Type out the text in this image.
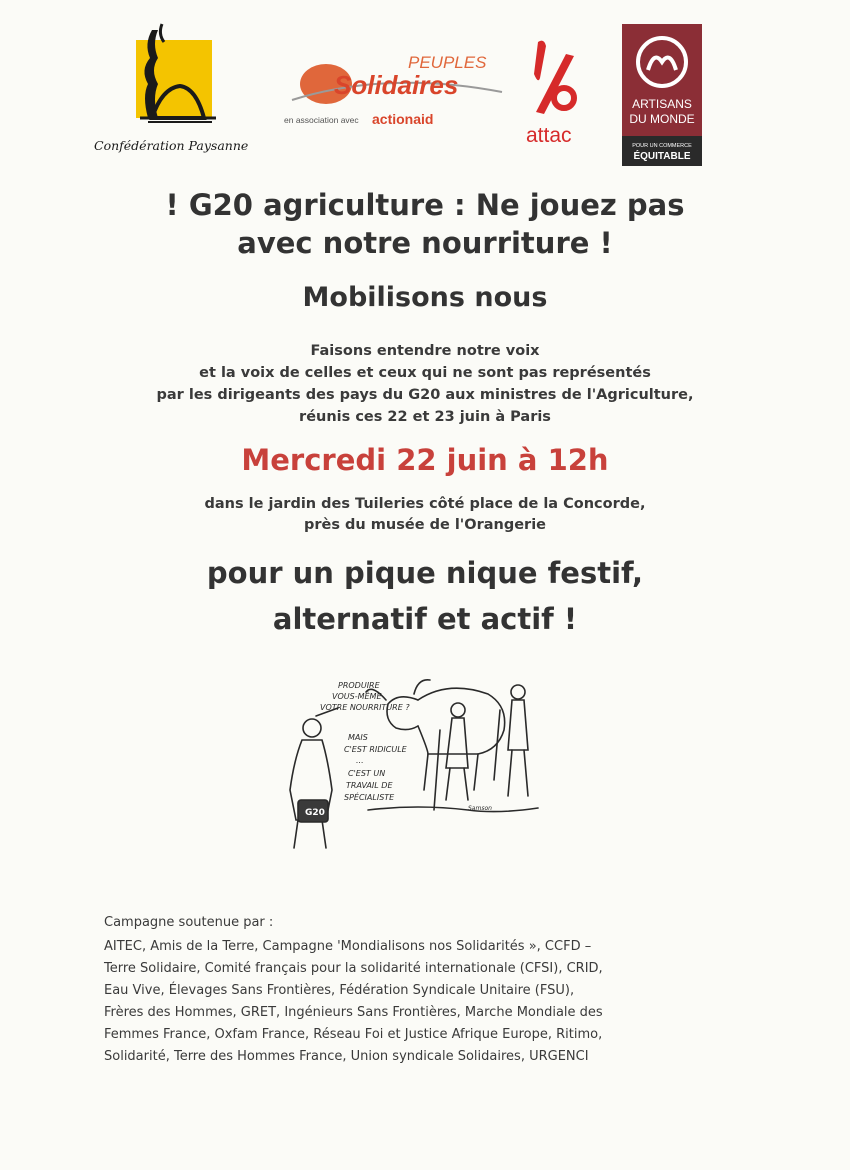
Confédération Paysanne
PEUPLES
Solidaires
en association avec actionaid
attac
ARTISANS
DU MONDE
POUR UN COMMERCE
ÉQUITABLE
! G20 agriculture : Ne jouez pas
avec notre nourriture !
Mobilisons nous
Faisons entendre notre voix
et la voix de celles et ceux qui ne sont pas représentés
par les dirigeants des pays du G20 aux ministres de l'Agriculture,
réunis ces 22 et 23 juin à Paris
Mercredi 22 juin à 12h
dans le jardin des Tuileries côté place de la Concorde,
près du musée de l'Orangerie
pour un pique nique festif,
alternatif et actif !
PRODUIRE
VOUS-MÊME
VOTRE NOURRITURE ?
MAIS
C'EST RIDICULE
...
C'EST UN
TRAVAIL DE
SPÉCIALISTE
Samson
G20
Campagne soutenue par :
AITEC, Amis de la Terre, Campagne 'Mondialisons nos Solidarités », CCFD –
Terre Solidaire, Comité français pour la solidarité internationale (CFSI), CRID,
Eau Vive, Élevages Sans Frontières, Fédération Syndicale Unitaire (FSU),
Frères des Hommes, GRET, Ingénieurs Sans Frontières, Marche Mondiale des
Femmes France, Oxfam France, Réseau Foi et Justice Afrique Europe, Ritimo,
Solidarité, Terre des Hommes France, Union syndicale Solidaires, URGENCI
